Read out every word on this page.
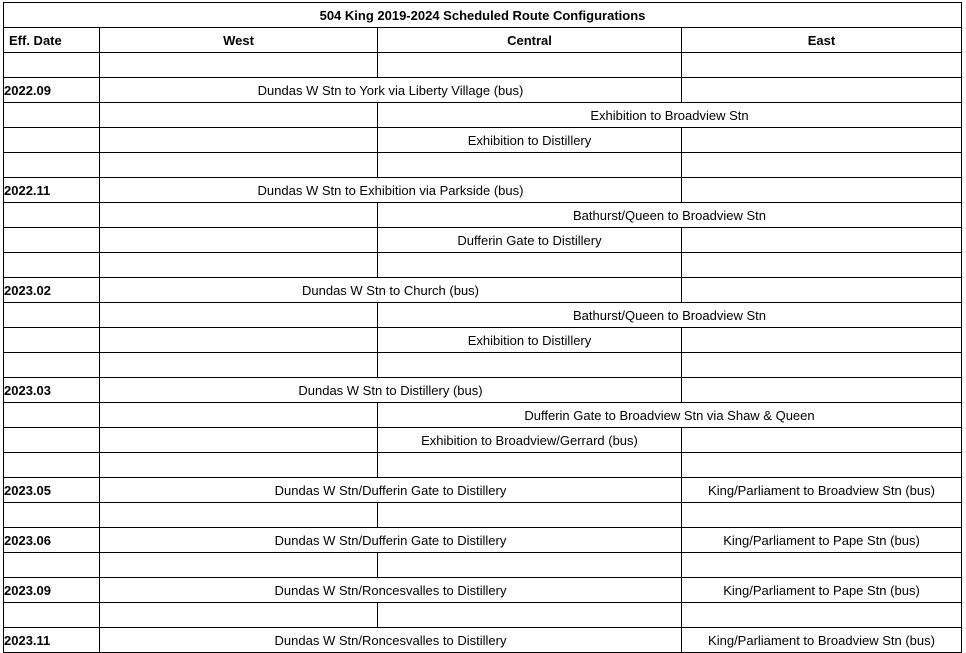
504 King 2019-2024 Scheduled Route Configurations			
Eff. Date	West	Central	East

2022.09	Dundas W Stn to York via Liberty Village (bus)		
		Exhibition to Broadview Stn	
		Exhibition to Distillery	

2022.11	Dundas W Stn to Exhibition via Parkside (bus)		
		Bathurst/Queen to Broadview Stn	
		Dufferin Gate to Distillery	

2023.02	Dundas W Stn to Church (bus)		
		Bathurst/Queen to Broadview Stn	
		Exhibition to Distillery	

2023.03	Dundas W Stn to Distillery (bus)		
		Dufferin Gate to Broadview Stn via Shaw & Queen	
		Exhibition to Broadview/Gerrard (bus)	

2023.05	Dundas W Stn/Dufferin Gate to Distillery		King/Parliament to Broadview Stn (bus)

2023.06	Dundas W Stn/Dufferin Gate to Distillery		King/Parliament to Pape Stn (bus)

2023.09	Dundas W Stn/Roncesvalles to Distillery		King/Parliament to Pape Stn (bus)

2023.11	Dundas W Stn/Roncesvalles to Distillery		King/Parliament to Broadview Stn (bus)
